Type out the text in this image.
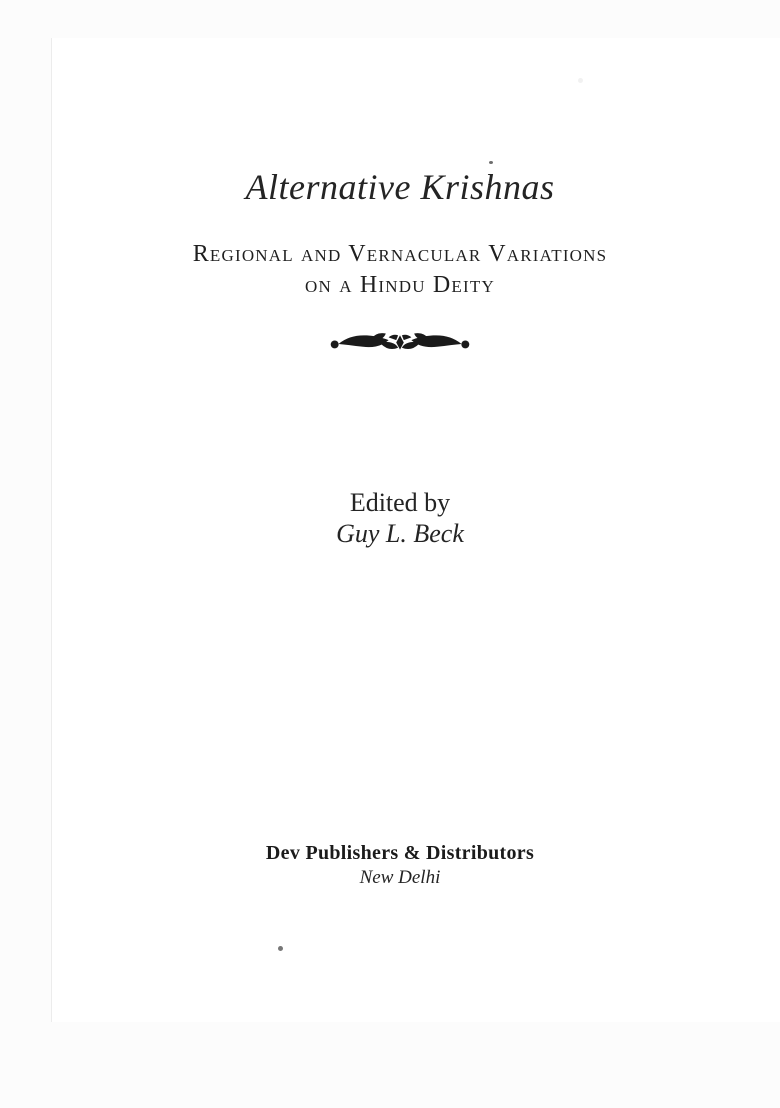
Alternative Krishnas
Regional and Vernacular Variations
on a Hindu Deity
Edited by
Guy L. Beck
Dev Publishers & Distributors
New Delhi
